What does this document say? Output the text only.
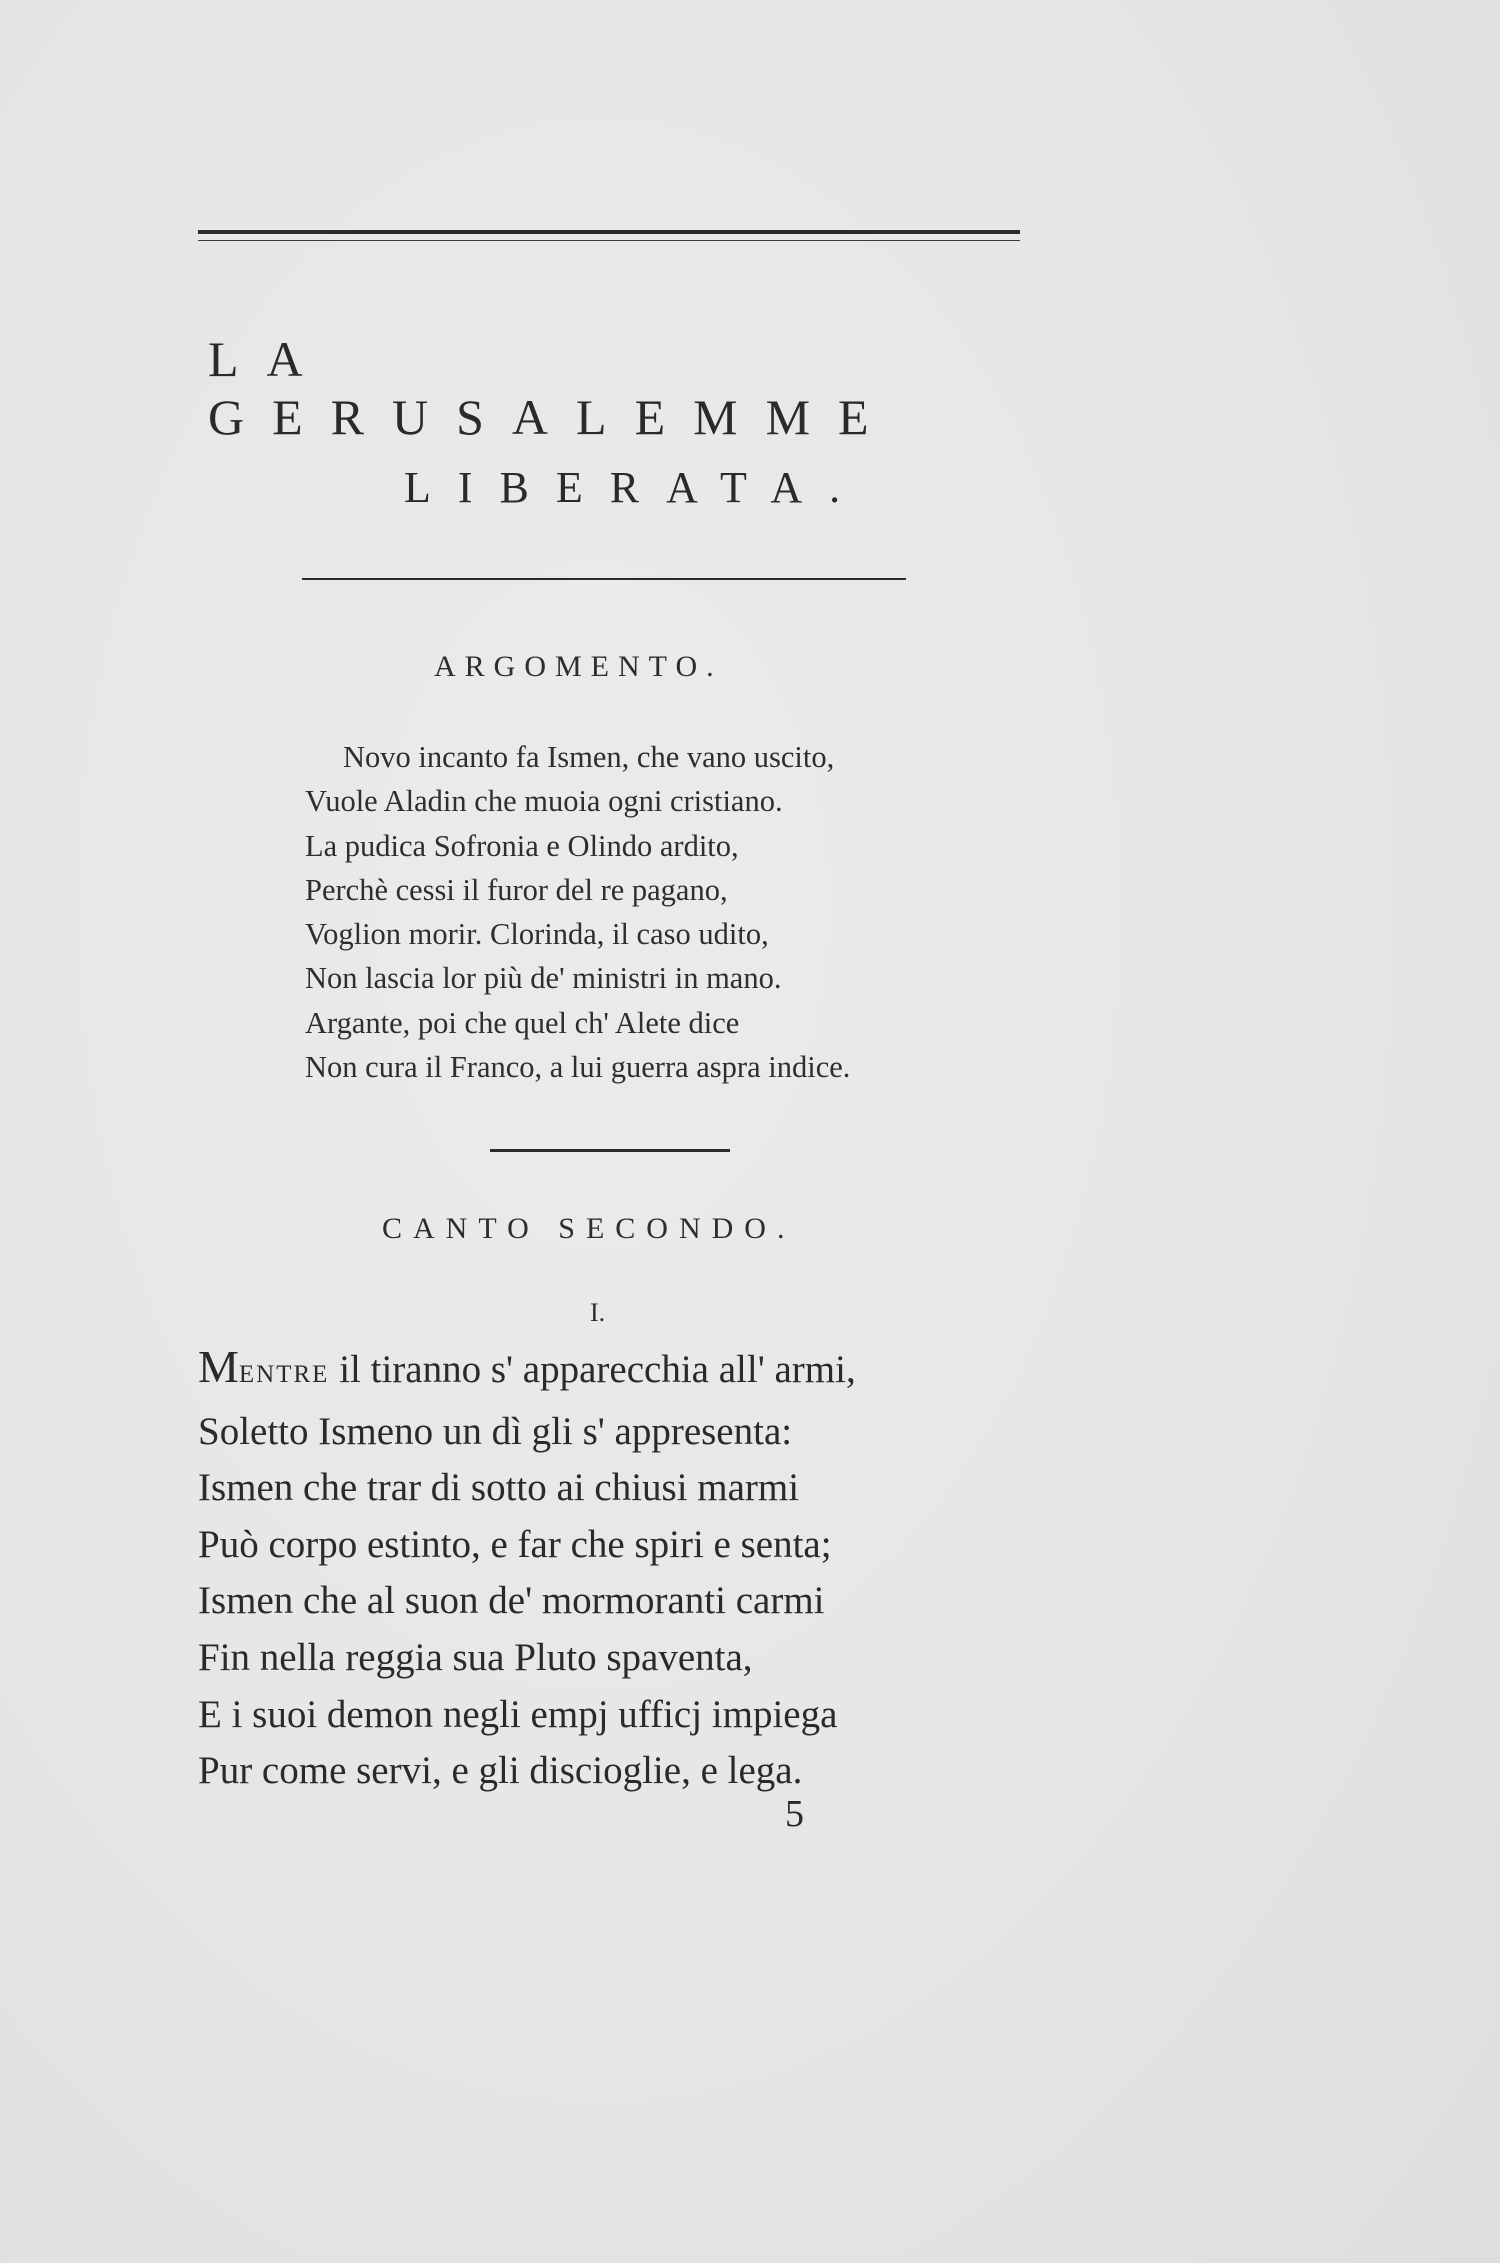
LA GERUSALEMME
LIBERATA.
ARGOMENTO.
Novo incanto fa Ismen, che vano uscito,
Vuole Aladin che muoia ogni cristiano.
La pudica Sofronia e Olindo ardito,
Perchè cessi il furor del re pagano,
Voglion morir. Clorinda, il caso udito,
Non lascia lor più de' ministri in mano.
Argante, poi che quel ch' Alete dice
Non cura il Franco, a lui guerra aspra indice.
CANTO SECONDO.
I.
MENTRE il tiranno s' apparecchia all' armi,
Soletto Ismeno un dì gli s' appresenta:
Ismen che trar di sotto ai chiusi marmi
Può corpo estinto, e far che spiri e senta;
Ismen che al suon de' mormoranti carmi
Fin nella reggia sua Pluto spaventa,
E i suoi demon negli empj ufficj impiega
Pur come servi, e gli discioglie, e lega.
5
